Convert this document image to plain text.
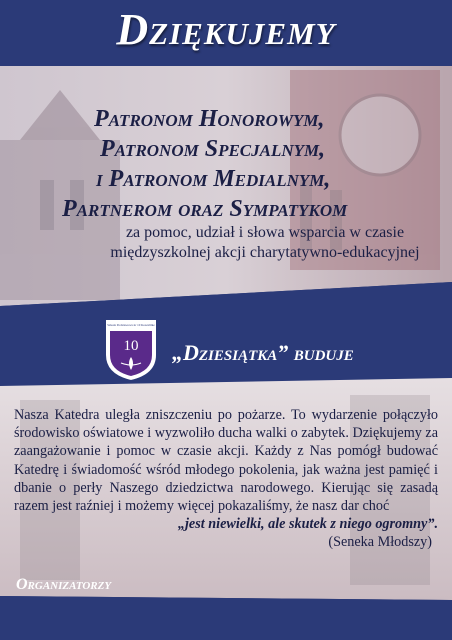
Dziękujemy
Patronom Honorowym,
Patronom Specjalnym,
i Patronom Medialnym,
Partnerom oraz Sympatykom
za pomoc, udział i słowa wsparcia w czasie
międzyszkolnej akcji charytatywno-edukacyjnej
Szkoła Podstawowa nr 10 Koszalinie
10 „Dziesiątka” buduje
Nasza Katedra uległa zniszczeniu po pożarze. To wydarzenie połączyło środowisko oświatowe i wyzwoliło ducha walki o zabytek. Dziękujemy za zaangażowanie i pomoc w czasie akcji. Każdy z Nas pomógł budować Katedrę i świadomość wśród młodego pokolenia, jak ważna jest pamięć i dbanie o perły Naszego dziedzictwa narodowego. Kierując się zasadą razem jest raźniej i możemy więcej pokazaliśmy, że nasz dar choć
„jest niewielki, ale skutek z niego ogromny”.
(Seneka Młodszy)
Organizatorzy
